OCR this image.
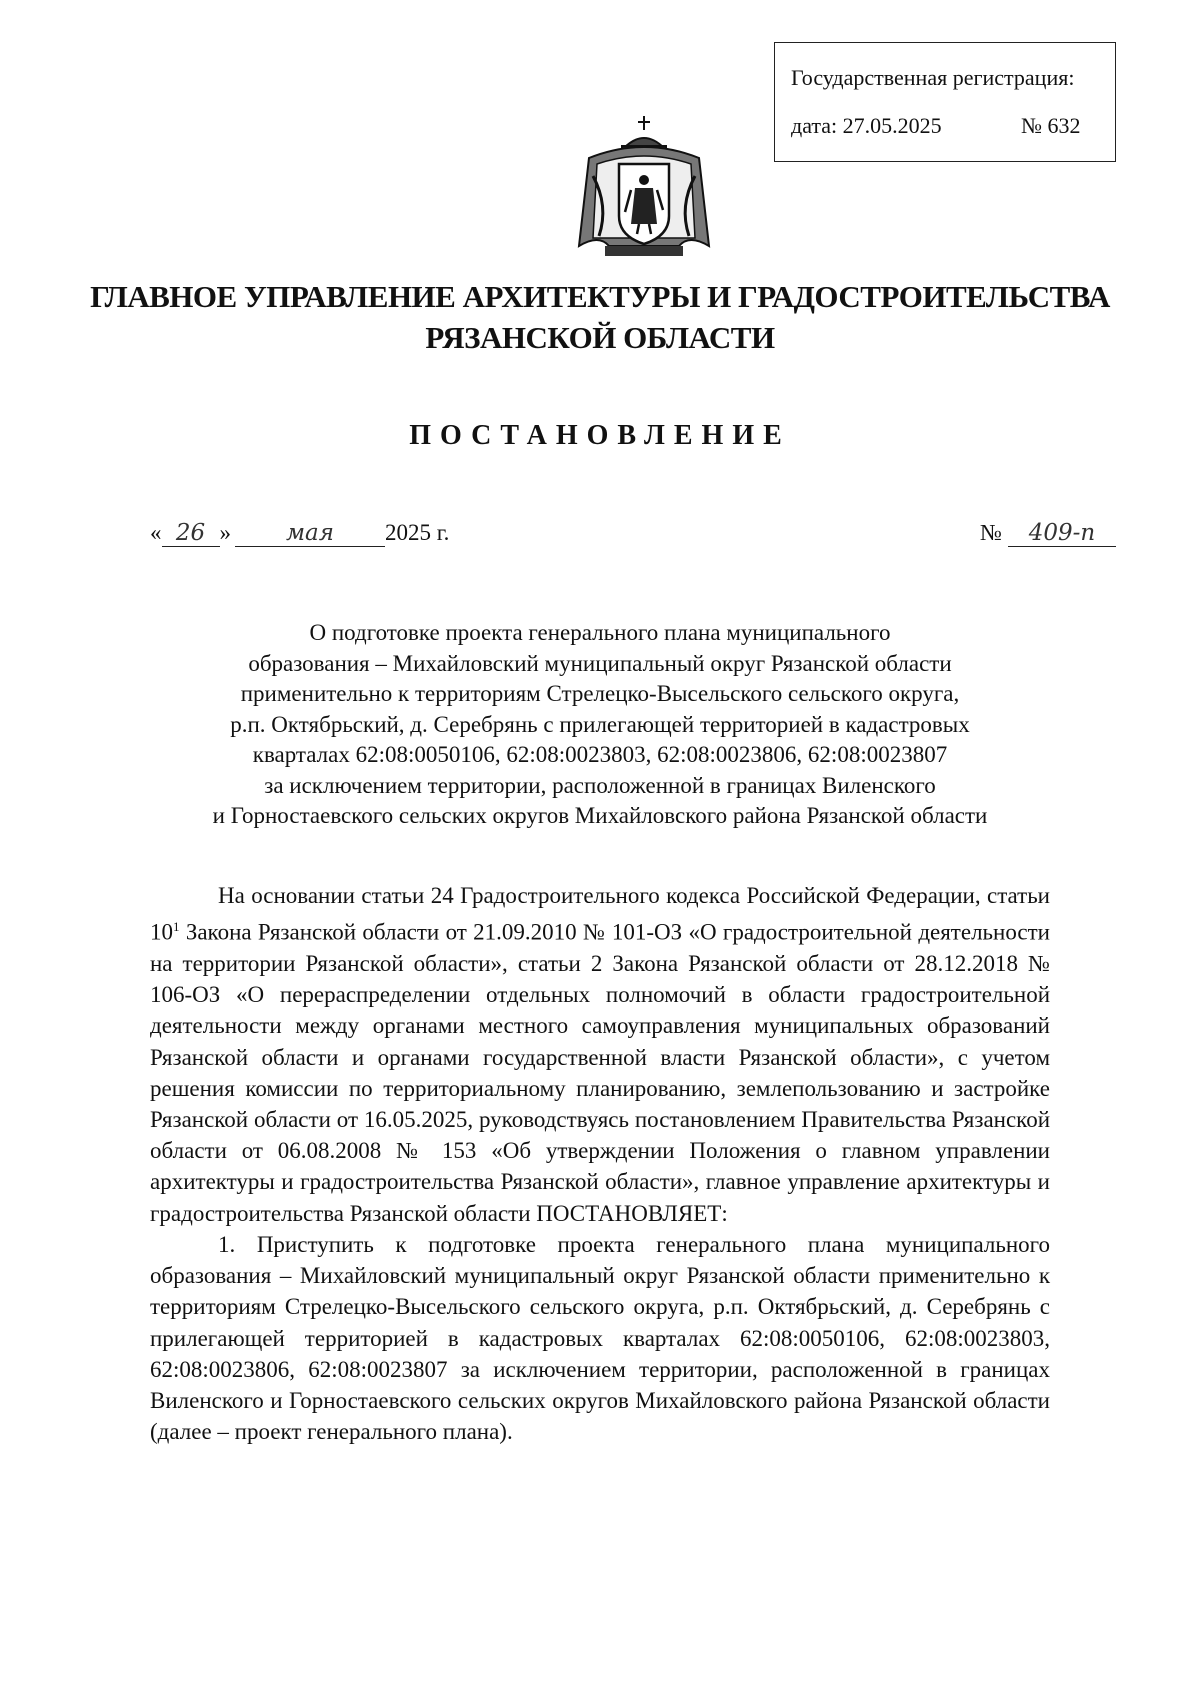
Государственная регистрация:
дата: 27.05.2025	№ 632
ГЛАВНОЕ УПРАВЛЕНИЕ АРХИТЕКТУРЫ И ГРАДОСТРОИТЕЛЬСТВА
РЯЗАНСКОЙ ОБЛАСТИ
ПОСТАНОВЛЕНИЕ
« 26 » мая 2025 г.	№ 409-п
О подготовке проекта генерального плана муниципального
образования – Михайловский муниципальный округ Рязанской области
применительно к территориям Стрелецко-Высельского сельского округа,
р.п. Октябрьский, д. Серебрянь с прилегающей территорией в кадастровых
кварталах 62:08:0050106, 62:08:0023803, 62:08:0023806, 62:08:0023807
за исключением территории, расположенной в границах Виленского
и Горностаевского сельских округов Михайловского района Рязанской области

На основании статьи 24 Градостроительного кодекса Российской Федерации, статьи $10^1$ Закона Рязанской области от 21.09.2010 № 101-ОЗ «О градостроительной деятельности на территории Рязанской области», статьи 2 Закона Рязанской области от 28.12.2018 № 106-ОЗ «О перераспределении отдельных полномочий в области градостроительной деятельности между органами местного самоуправления муниципальных образований Рязанской области и органами государственной власти Рязанской области», с учетом решения комиссии по территориальному планированию, землепользованию и застройке Рязанской области от 16.05.2025, руководствуясь постановлением Правительства Рязанской области от 06.08.2008 № 153 «Об утверждении Положения о главном управлении архитектуры и градостроительства Рязанской области», главное управление архитектуры и градостроительства Рязанской области ПОСТАНОВЛЯЕТ:

1. Приступить к подготовке проекта генерального плана муниципального образования – Михайловский муниципальный округ Рязанской области применительно к территориям Стрелецко-Высельского сельского округа, р.п. Октябрьский, д. Серебрянь с прилегающей территорией в кадастровых кварталах 62:08:0050106, 62:08:0023803, 62:08:0023806, 62:08:0023807 за исключением территории, расположенной в границах Виленского и Горностаевского сельских округов Михайловского района Рязанской области (далее – проект генерального плана).
